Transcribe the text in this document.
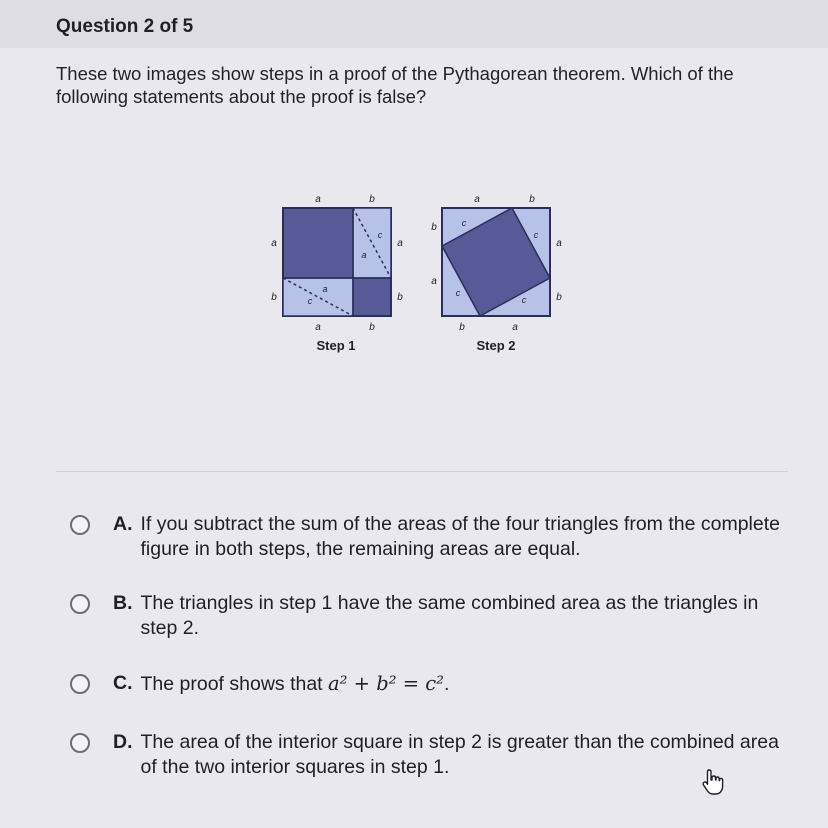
Question 2 of 5
These two images show steps in a proof of the Pythagorean theorem. Which of the following statements about the proof is false?
a	b
a
b
a
b
a	b
c
a
a
c
Step 1
a	b
b
a
a
b
b	a
c
c
c
c
Step 2
A. If you subtract the sum of the areas of the four triangles from the complete figure in both steps, the remaining areas are equal.
B. The triangles in step 1 have the same combined area as the triangles in step 2.
C. The proof shows that a² + b² = c².
D. The area of the interior square in step 2 is greater than the combined area of the two interior squares in step 1.
